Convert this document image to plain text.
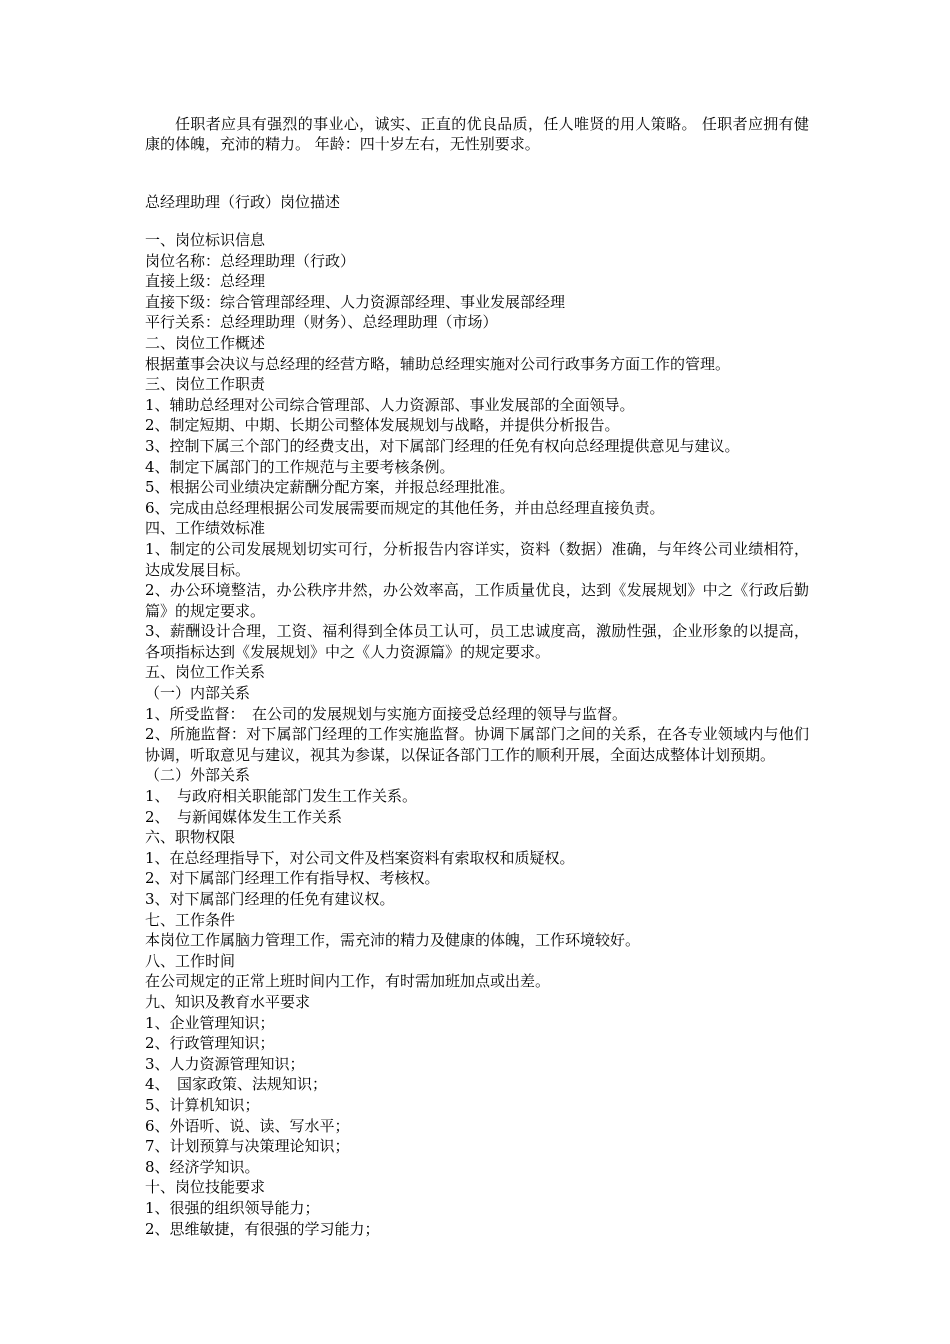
任职者应具有强烈的事业心，诚实、正直的优良品质，任人唯贤的用人策略。 任职者应拥有健康的体魄，充沛的精力。 年龄：四十岁左右，无性别要求。

总经理助理（行政）岗位描述

一、岗位标识信息

岗位名称：总经理助理（行政）

直接上级：总经理

直接下级：综合管理部经理、人力资源部经理、事业发展部经理

平行关系：总经理助理（财务）、总经理助理（市场）

二、岗位工作概述

根据董事会决议与总经理的经营方略，辅助总经理实施对公司行政事务方面工作的管理。

三、岗位工作职责

1、辅助总经理对公司综合管理部、人力资源部、事业发展部的全面领导。

2、制定短期、中期、长期公司整体发展规划与战略，并提供分析报告。

3、控制下属三个部门的经费支出，对下属部门经理的任免有权向总经理提供意见与建议。

4、制定下属部门的工作规范与主要考核条例。

5、根据公司业绩决定薪酬分配方案，并报总经理批准。

6、完成由总经理根据公司发展需要而规定的其他任务，并由总经理直接负责。

四、工作绩效标准

1、制定的公司发展规划切实可行，分析报告内容详实，资料（数据）准确，与年终公司业绩相符，达成发展目标。

2、办公环境整洁，办公秩序井然，办公效率高，工作质量优良，达到《发展规划》中之《行政后勤篇》的规定要求。

3、薪酬设计合理，工资、福利得到全体员工认可，员工忠诚度高，激励性强，企业形象的以提高，各项指标达到《发展规划》中之《人力资源篇》的规定要求。

五、岗位工作关系

（一）内部关系

1、所受监督：　在公司的发展规划与实施方面接受总经理的领导与监督。

2、所施监督：对下属部门经理的工作实施监督。协调下属部门之间的关系，在各专业领域内与他们协调，听取意见与建议，视其为参谋，以保证各部门工作的顺利开展，全面达成整体计划预期。

（二）外部关系

1、　与政府相关职能部门发生工作关系。

2、　与新闻媒体发生工作关系

六、职物权限

1、在总经理指导下，对公司文件及档案资料有索取权和质疑权。

2、对下属部门经理工作有指导权、考核权。

3、对下属部门经理的任免有建议权。

七、工作条件

本岗位工作属脑力管理工作，需充沛的精力及健康的体魄，工作环境较好。

八、工作时间

在公司规定的正常上班时间内工作，有时需加班加点或出差。

九、知识及教育水平要求

1、企业管理知识；

2、行政管理知识；

3、人力资源管理知识；

4、　国家政策、法规知识；

5、计算机知识；

6、外语听、说、读、写水平；

7、计划预算与决策理论知识；

8、经济学知识。

十、岗位技能要求

1、很强的组织领导能力；

2、思维敏捷，有很强的学习能力；
